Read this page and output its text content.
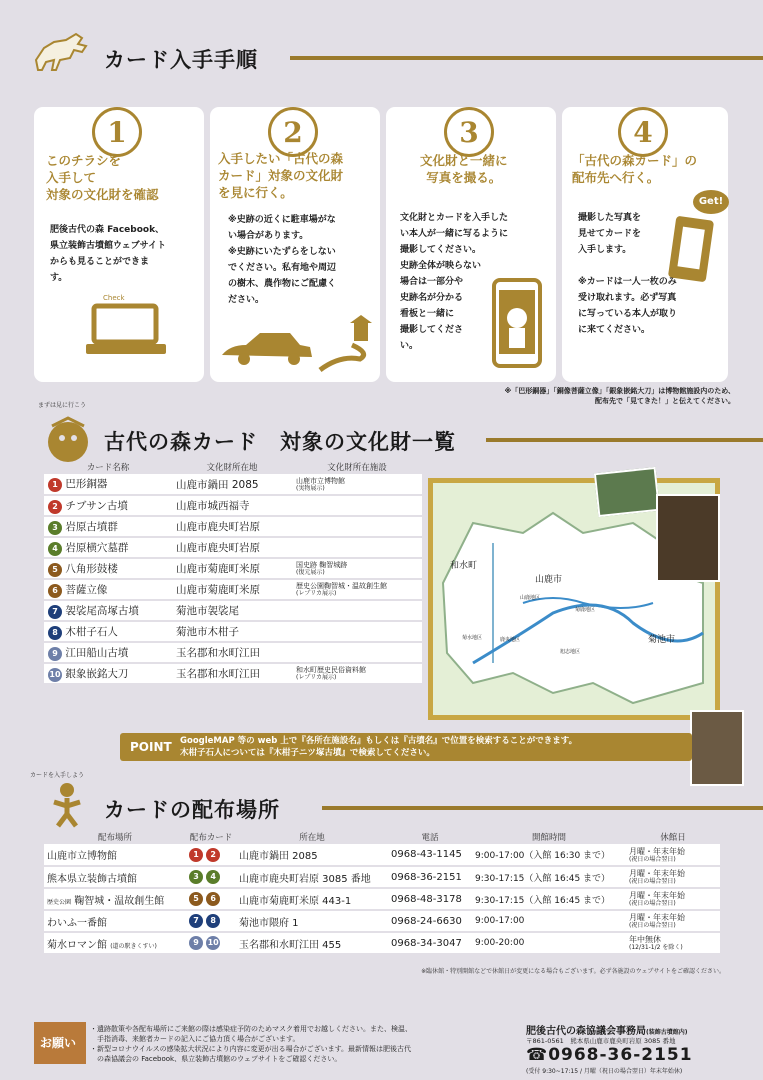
カード入手手順
1	2	3	4
このチラシを
入手して
対象の文化財を確認
肥後古代の森 Facebook、
県立装飾古墳館ウェブサイト
からも見ることができま
す。
Check
入手したい「古代の森
カード」対象の文化財
を見に行く。
※史跡の近くに駐車場がな
い場合があります。
※史跡にいたずらをしない
でください。私有地や周辺
の樹木、農作物にご配慮く
ださい。
文化財と一緒に
写真を撮る。
文化財とカードを入手した
い本人が一緒に写るように
撮影してください。
史跡全体が映らない
場合は一部分や
史跡名が分かる
看板と一緒に
撮影してくださ
い。
「古代の森カード」の
配布先へ行く。
撮影した写真を
見せてカードを
入手します。

※カードは一人一枚のみ
受け取れます。必ず写真
に写っている本人が取り
に来てください。
Get!
※「巴形銅器」「銅像菩薩立像」「銀象嵌銘大刀」は博物館施設内のため、
配布先で「見てきた！」と伝えてください。
まずは見に行こう
古代の森カード　対象の文化財一覧
カード名称	文化財所在地	文化財所在施設
1 巴形銅器	山鹿市鍋田 2085	山鹿市立博物館
(実物展示)

2 チブサン古墳	山鹿市城西福寺	

3 岩原古墳群	山鹿市鹿央町岩原	

4 岩原横穴墓群	山鹿市鹿央町岩原	

5 八角形鼓楼	山鹿市菊鹿町米原	国史跡 鞠智城跡
(復元展示)

6 菩薩立像	山鹿市菊鹿町米原	歴史公園鞠智城・温故創生館
(レプリカ展示)

7 袈裟尾高塚古墳	菊池市袈裟尾	

8 木柑子石人	菊池市木柑子	

9 江田船山古墳	玉名郡和水町江田	

10 銀象嵌銘大刀	玉名郡和水町江田	和水町歴史民俗資料館
(レプリカ展示)
和水町
山鹿市
菊池市
山鹿地区
鹿央地区
菊鹿地区
菊水地区
旭志地区
POINT GoogleMAP 等の web 上で『各所在施設名』もしくは『古墳名』で位置を検索することができます。
木柑子石人については『木柑子ニツ塚古墳』で検索してください。
カードを入手しよう
カードの配布場所
配布場所	配布カード	所在地	電話	開館時間	休館日
山鹿市立博物館	1 2	山鹿市鍋田 2085	0968-43-1145	9:00-17:00（入館 16:30 まで）	月曜・年末年始
(祝日の場合翌日)

熊本県立装飾古墳館	3 4	山鹿市鹿央町岩原 3085 番地	0968-36-2151	9:30-17:15（入館 16:45 まで）	月曜・年末年始
(祝日の場合翌日)

歴史公園 鞠智城・温故創生館	5 6	山鹿市菊鹿町米原 443-1	0968-48-3178	9:30-17:15（入館 16:45 まで）	月曜・年末年始
(祝日の場合翌日)

わいふ一番館	7 8	菊池市隈府 1	0968-24-6630	9:00-17:00	月曜・年末年始
(祝日の場合翌日)

菊水ロマン館 (道の駅きくすい)	9 10	玉名郡和水町江田 455	0968-34-3047	9:00-20:00	年中無休
(12/31-1/2 を除く)
※臨休館・特別開館などで休館日が変更になる場合もございます。必ず各施設のウェブサイトをご確認ください。
お願い
・遺跡散策や各配布場所にご来館の際は感染症予防のためマスク着用でお越しください。また、検温、
　手指消毒、来館者カードの記入にご協力頂く場合がございます。
・新型コロナウイルスの感染拡大状況により内容に変更が出る場合がございます。最新情報は肥後古代
　の森協議会の Facebook、県立装飾古墳館のウェブサイトをご確認ください。
肥後古代の森協議会事務局(装飾古墳館内)
〒861-0561　熊本県山鹿市鹿央町岩原 3085 番地
☎0968-36-2151
(受付 9:30~17:15 / 月曜（祝日の場合翌日）年末年始休)
